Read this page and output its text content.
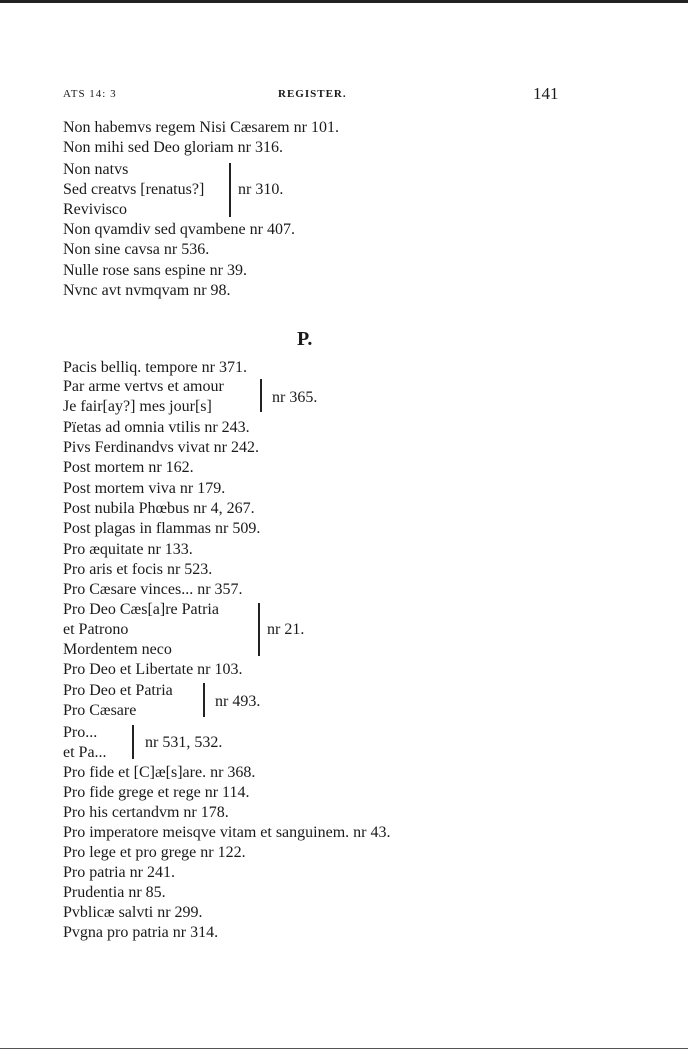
ATS 14: 3	REGISTER.	141
Non habemvs regem Nisi Cæsarem nr 101.
Non mihi sed Deo gloriam nr 316.
Non natvs
Sed creatvs [renatus?]
Revivisco
nr 310.
Non qvamdiv sed qvambene nr 407.
Non sine cavsa nr 536.
Nulle rose sans espine nr 39.
Nvnc avt nvmqvam nr 98.
P.
Pacis belliq. tempore nr 371.
Par arme vertvs et amour
Je fair[ay?] mes jour[s]
nr 365.
Pïetas ad omnia vtilis nr 243.
Pivs Ferdinandvs vivat nr 242.
Post mortem nr 162.
Post mortem viva nr 179.
Post nubila Phœbus nr 4, 267.
Post plagas in flammas nr 509.
Pro æquitate nr 133.
Pro aris et focis nr 523.
Pro Cæsare vinces... nr 357.
Pro Deo Cæs[a]re Patria
et Patrono
Mordentem neco
nr 21.
Pro Deo et Libertate nr 103.
Pro Deo et Patria
Pro Cæsare
nr 493.
Pro...
et Pa...
nr 531, 532.
Pro fide et [C]æ[s]are. nr 368.
Pro fide grege et rege nr 114.
Pro his certandvm nr 178.
Pro imperatore meisqve vitam et sanguinem. nr 43.
Pro lege et pro grege nr 122.
Pro patria nr 241.
Prudentia nr 85.
Pvblicæ salvti nr 299.
Pvgna pro patria nr 314.
